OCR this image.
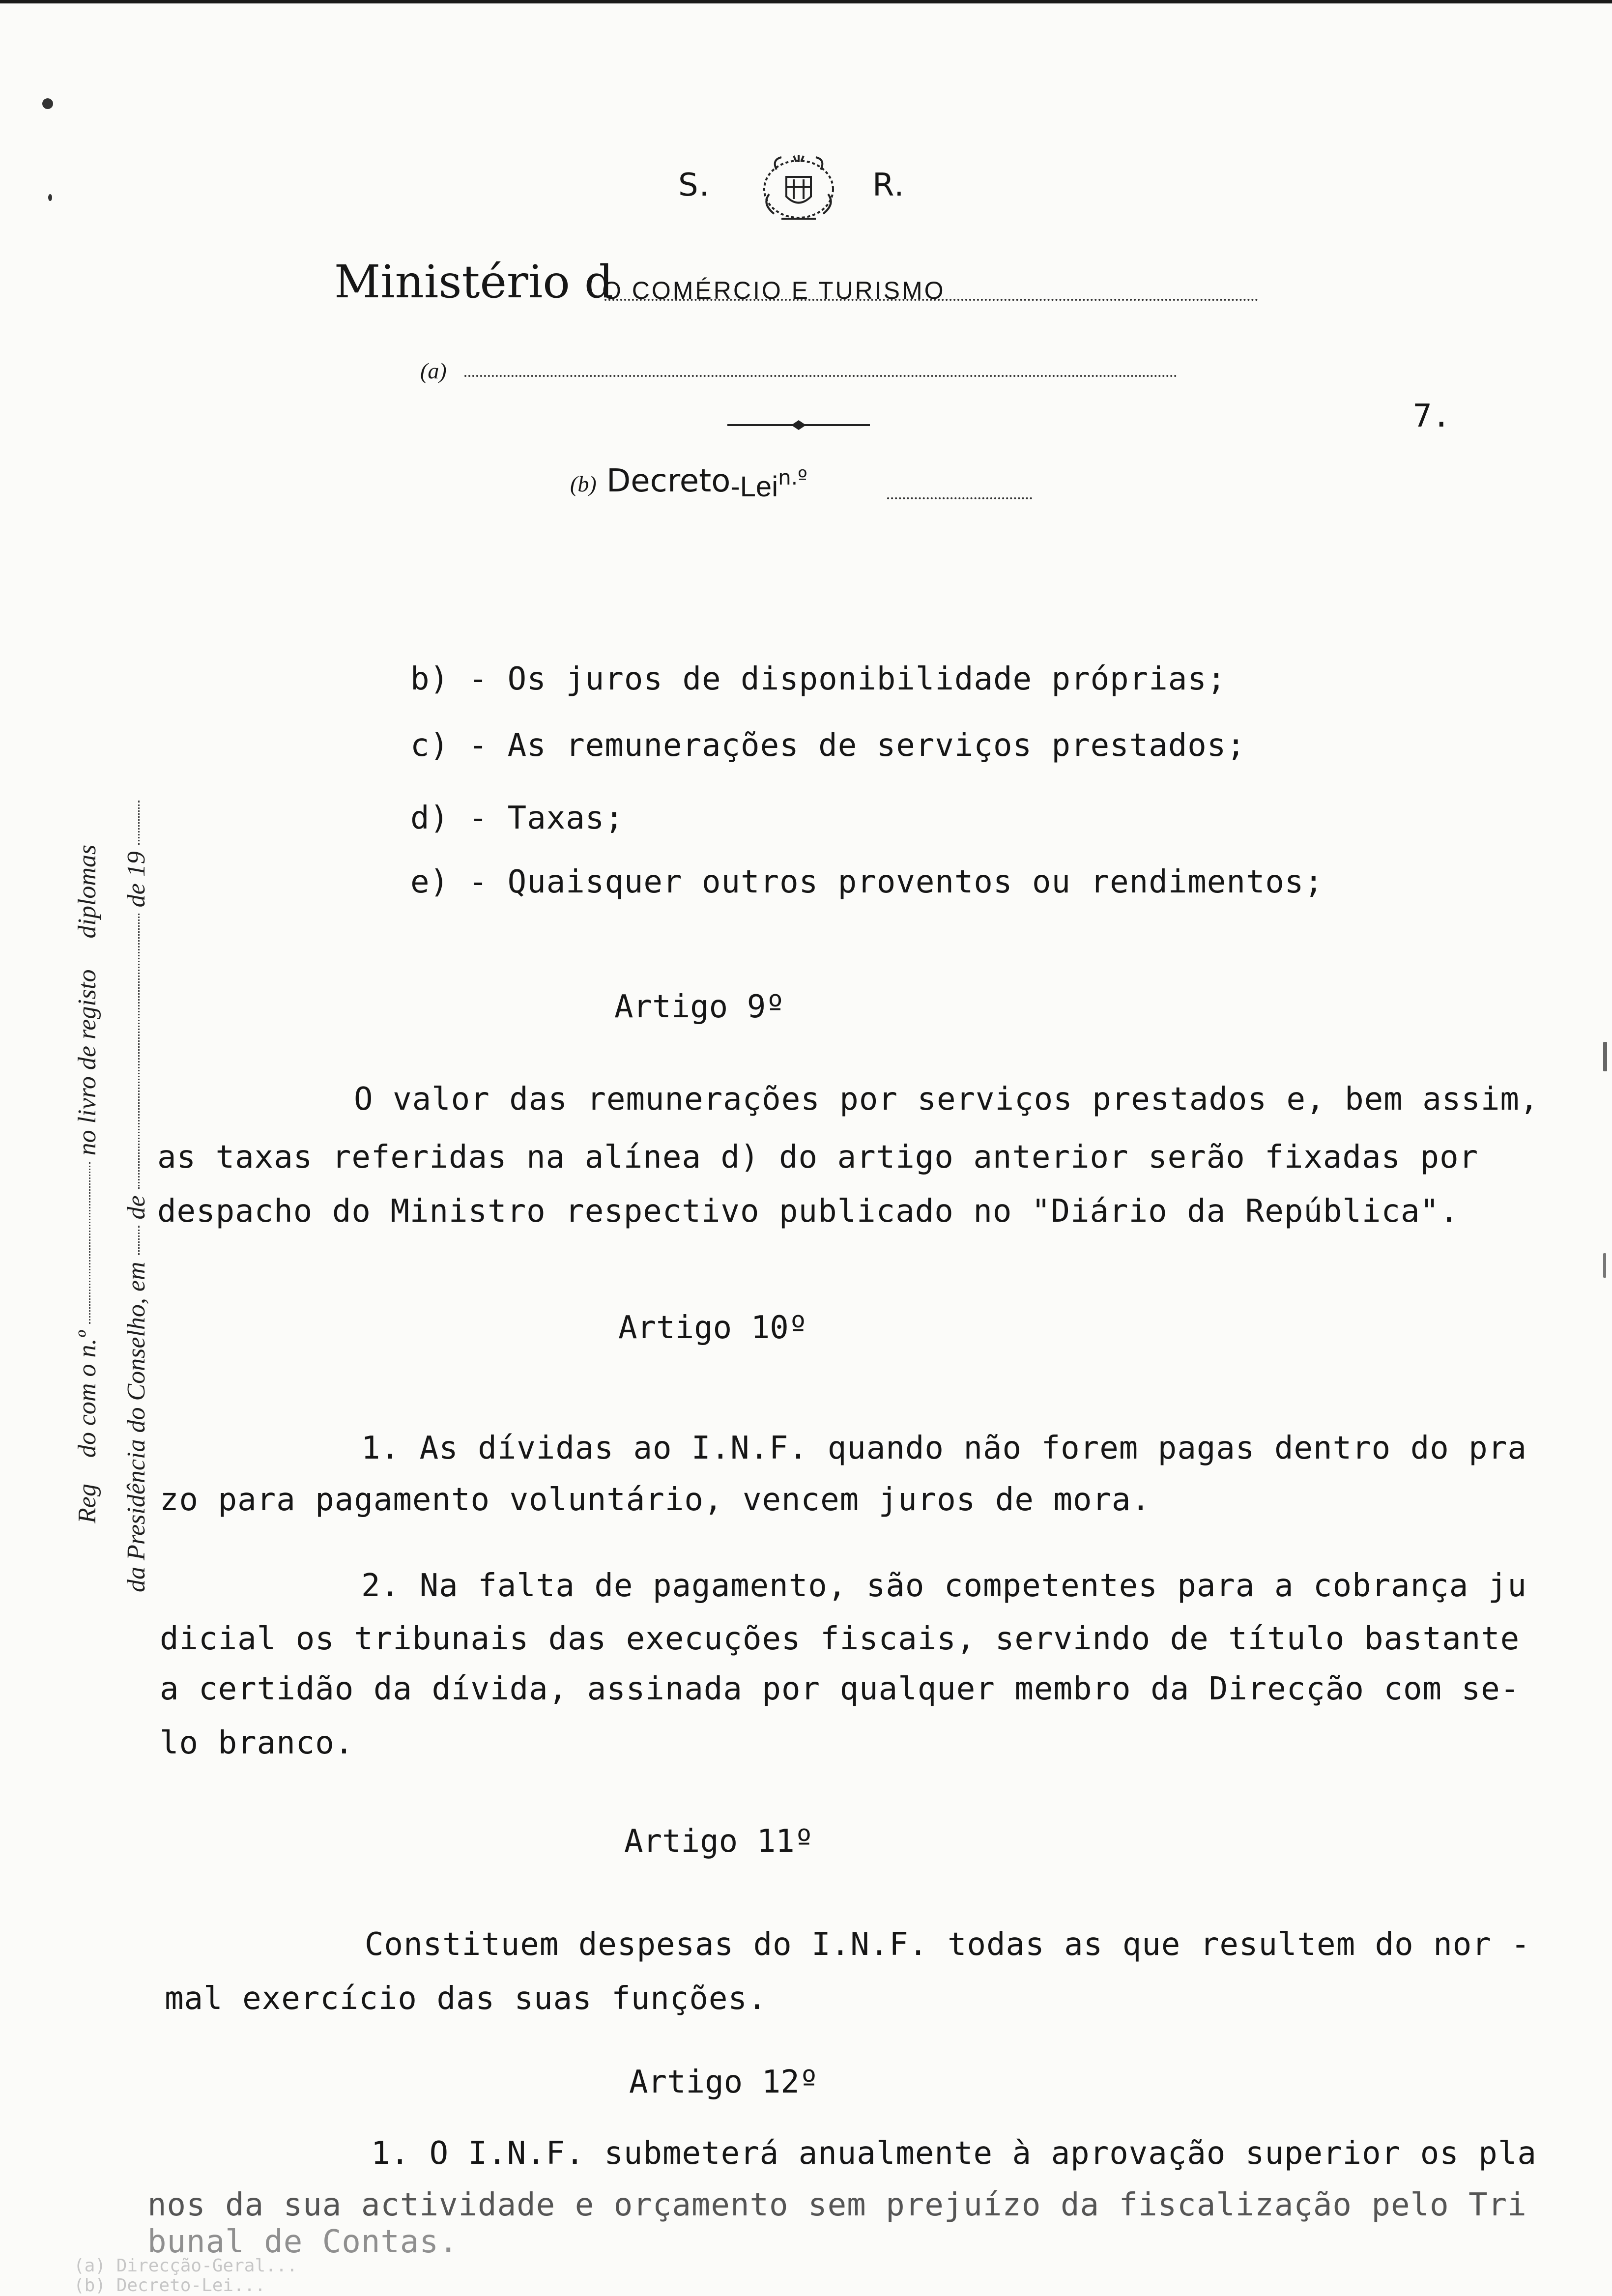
S.	R.
Ministério d
O COMÉRCIO E TURISMO
(a)
7.
(b) Decreto-Lei$^{n.º}$
Reg do com o n.º  no livro de registo diplomas
da Presidência do Conselho, em  de  de 19
b) - Os juros de disponibilidade próprias;
c) - As remunerações de serviços prestados;
d) - Taxas;
e) - Quaisquer outros proventos ou rendimentos;
Artigo 9º
O valor das remunerações por serviços prestados e, bem assim,
as taxas referidas na alínea d) do artigo anterior serão fixadas por
despacho do Ministro respectivo publicado no "Diário da República".
Artigo 10º
1. As dívidas ao I.N.F. quando não forem pagas dentro do pra
zo para pagamento voluntário, vencem juros de mora.
2. Na falta de pagamento, são competentes para a cobrança ju
dicial os tribunais das execuções fiscais, servindo de título bastante
a certidão da dívida, assinada por qualquer membro da Direcção com se-
lo branco.
Artigo 11º
Constituem despesas do I.N.F. todas as que resultem do nor -
mal exercício das suas funções.
Artigo 12º
1. O I.N.F. submeterá anualmente à aprovação superior os pla
nos da sua actividade e orçamento sem prejuízo da fiscalização pelo Tri
bunal de Contas.
(a) Direcção-Geral...
(b) Decreto-Lei...
